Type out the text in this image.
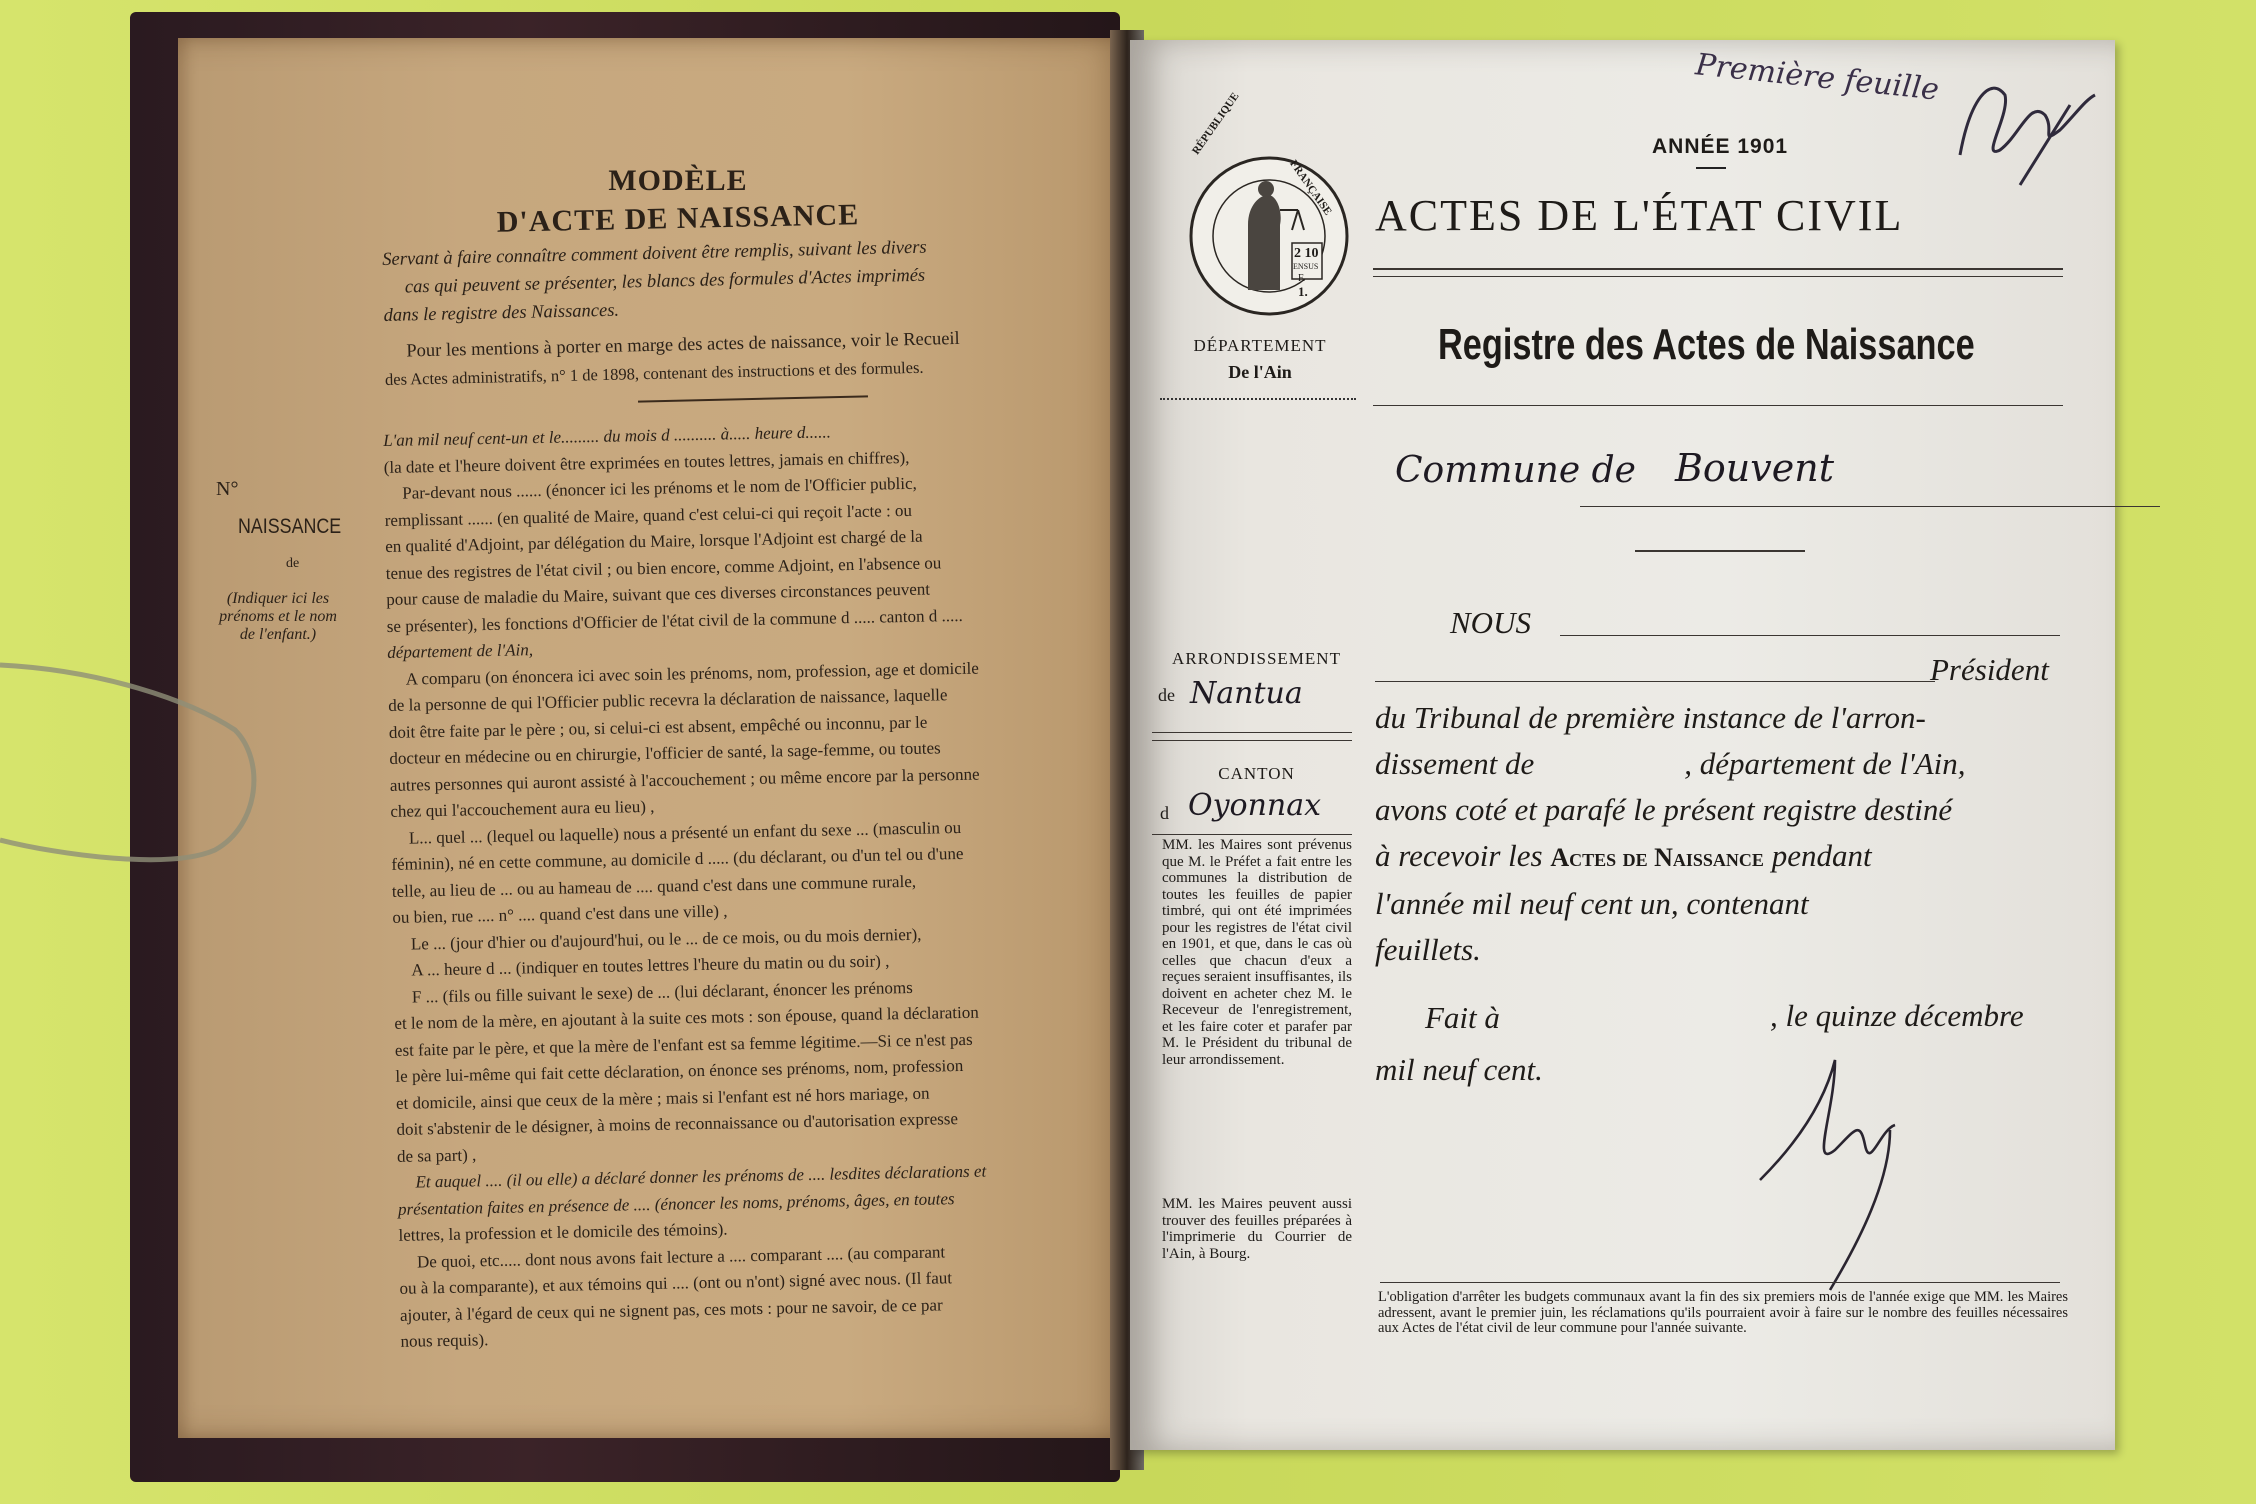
MODÈLE
D'ACTE DE NAISSANCE
Servant à faire connaître comment doivent être remplis, suivant les divers
cas qui peuvent se présenter, les blancs des formules d'Actes imprimés
dans le registre des Naissances.
Pour les mentions à porter en marge des actes de naissance, voir le Recueil
des Actes administratifs, n° 1 de 1898, contenant des instructions et des formules.
N°
NAISSANCE
de
(Indiquer ici les
prénoms et le nom
de l'enfant.)
L'an mil neuf cent-un et le......... du mois d .......... à..... heure d......
(la date et l'heure doivent être exprimées en toutes lettres, jamais en chiffres),
Par-devant nous ...... (énoncer ici les prénoms et le nom de l'Officier public,
remplissant ...... (en qualité de Maire, quand c'est celui-ci qui reçoit l'acte : ou
en qualité d'Adjoint, par délégation du Maire, lorsque l'Adjoint est chargé de la
tenue des registres de l'état civil ; ou bien encore, comme Adjoint, en l'absence ou
pour cause de maladie du Maire, suivant que ces diverses circonstances peuvent
se présenter), les fonctions d'Officier de l'état civil de la commune d ..... canton d .....
département de l'Ain,
A comparu (on énoncera ici avec soin les prénoms, nom, profession, age et domicile
de la personne de qui l'Officier public recevra la déclaration de naissance, laquelle
doit être faite par le père ; ou, si celui-ci est absent, empêché ou inconnu, par le
docteur en médecine ou en chirurgie, l'officier de santé, la sage-femme, ou toutes
autres personnes qui auront assisté à l'accouchement ; ou même encore par la personne
chez qui l'accouchement aura eu lieu) ,
L... quel ... (lequel ou laquelle) nous a présenté un enfant du sexe ... (masculin ou
féminin), né en cette commune, au domicile d ..... (du déclarant, ou d'un tel ou d'une
telle, au lieu de ... ou au hameau de .... quand c'est dans une commune rurale,
ou bien, rue .... n° .... quand c'est dans une ville) ,
Le ... (jour d'hier ou d'aujourd'hui, ou le ... de ce mois, ou du mois dernier),
A ... heure d ... (indiquer en toutes lettres l'heure du matin ou du soir) ,
F ... (fils ou fille suivant le sexe) de ... (lui déclarant, énoncer les prénoms
et le nom de la mère, en ajoutant à la suite ces mots : son épouse, quand la déclaration
est faite par le père, et que la mère de l'enfant est sa femme légitime.—Si ce n'est pas
le père lui-même qui fait cette déclaration, on énonce ses prénoms, nom, profession
et domicile, ainsi que ceux de la mère ; mais si l'enfant est né hors mariage, on
doit s'abstenir de le désigner, à moins de reconnaissance ou d'autorisation expresse
de sa part) ,
Et auquel .... (il ou elle) a déclaré donner les prénoms de .... lesdites déclarations et
présentation faites en présence de .... (énoncer les noms, prénoms, âges, en toutes
lettres, la profession et le domicile des témoins).
De quoi, etc..... dont nous avons fait lecture a .... comparant .... (au comparant
ou à la comparante), et aux témoins qui .... (ont ou n'ont) signé avec nous. (Il faut
ajouter, à l'égard de ceux qui ne signent pas, ces mots : pour ne savoir, de ce par
nous requis).
Première feuille
ANNÉE 1901
RÉPUBLIQUE
FRANÇAISE
2 10
ENSUS
F.
1.
ACTES DE L'ÉTAT CIVIL
DÉPARTEMENT
De l'Ain
Registre des Actes de Naissance
Commune de Bouvent
NOUS
Président
ARRONDISSEMENT
de Nantua
CANTON
d Oyonnax
MM. les Maires sont prévenus que M. le Préfet a fait entre les communes la distribution de toutes les feuilles de papier timbré, qui ont été imprimées pour les registres de l'état civil en 1901, et que, dans le cas où celles que chacun d'eux a reçues seraient insuffisantes, ils doivent en acheter chez M. le Receveur de l'enregistrement, et les faire coter et parafer par M. le Président du tribunal de leur arrondissement.
MM. les Maires peuvent aussi trouver des feuilles préparées à l'imprimerie du Courrier de l'Ain, à Bourg.
du Tribunal de première instance de l'arron-
dissement de	, département de l'Ain,
avons coté et parafé le présent registre destiné
à recevoir les Actes de Naissance pendant
l'année mil neuf cent un, contenant
feuillets.
Fait à	, le quinze décembre
mil neuf cent.
L'obligation d'arrêter les budgets communaux avant la fin des six premiers mois de l'année exige que MM. les Maires adressent, avant le premier juin, les réclamations qu'ils pourraient avoir à faire sur le nombre des feuilles nécessaires aux Actes de l'état civil de leur commune pour l'année suivante.
